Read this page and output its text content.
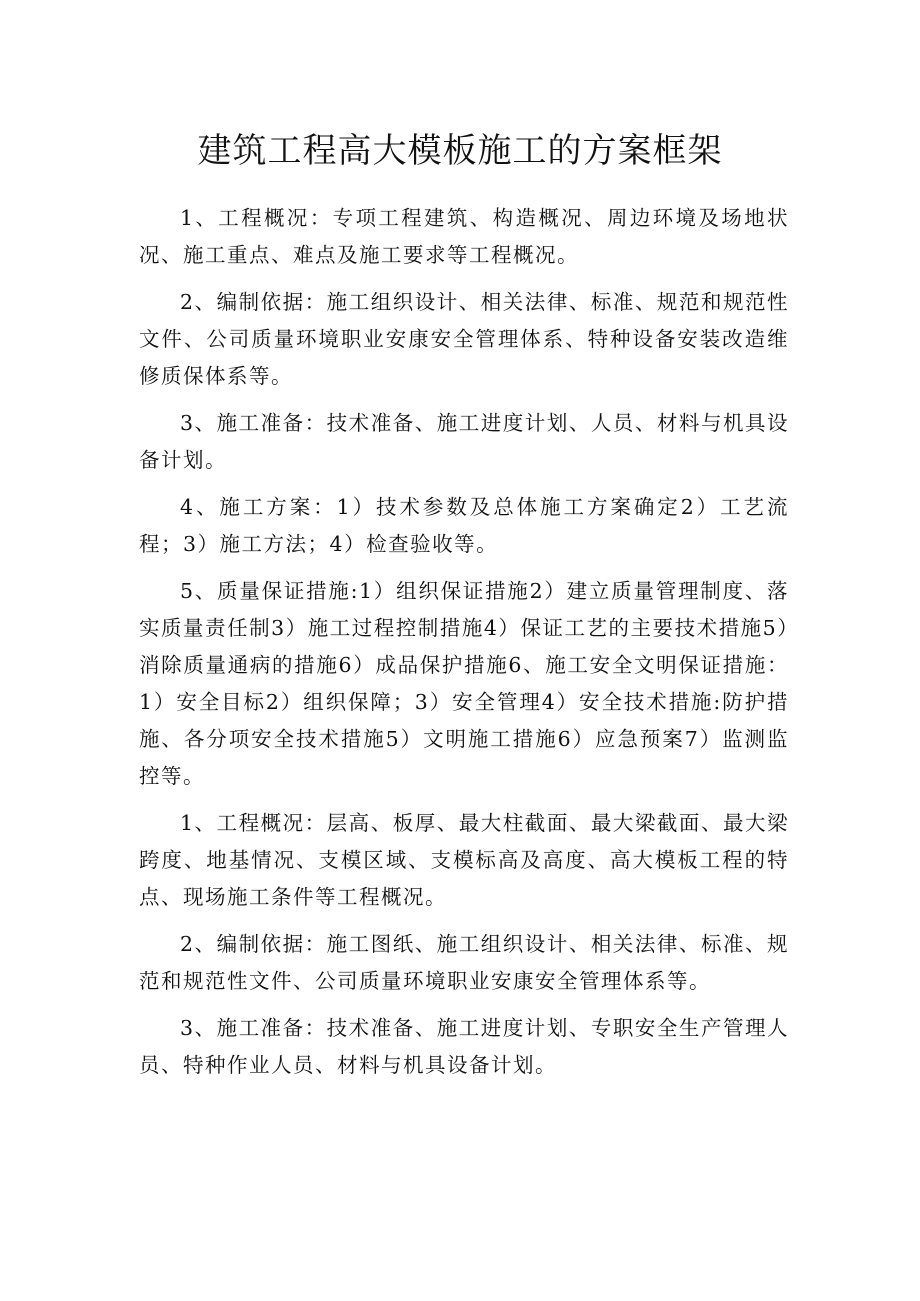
建筑工程高大模板施工的方案框架

1、工程概况：专项工程建筑、构造概况、周边环境及场地状况、施工重点、难点及施工要求等工程概况。

2、编制依据：施工组织设计、相关法律、标准、规范和规范性文件、公司质量环境职业安康安全管理体系、特种设备安装改造维修质保体系等。

3、施工准备：技术准备、施工进度计划、人员、材料与机具设备计划。

4、施工方案：1）技术参数及总体施工方案确定2）工艺流程；3）施工方法；4）检查验收等。

5、质量保证措施:1）组织保证措施2）建立质量管理制度、落实质量责任制3）施工过程控制措施4）保证工艺的主要技术措施5）消除质量通病的措施6）成品保护措施6、施工安全文明保证措施：1）安全目标2）组织保障；3）安全管理4）安全技术措施:防护措施、各分项安全技术措施5）文明施工措施6）应急预案7）监测监控等。

1、工程概况：层高、板厚、最大柱截面、最大梁截面、最大梁跨度、地基情况、支模区域、支模标高及高度、高大模板工程的特点、现场施工条件等工程概况。

2、编制依据：施工图纸、施工组织设计、相关法律、标准、规范和规范性文件、公司质量环境职业安康安全管理体系等。

3、施工准备：技术准备、施工进度计划、专职安全生产管理人员、特种作业人员、材料与机具设备计划。
